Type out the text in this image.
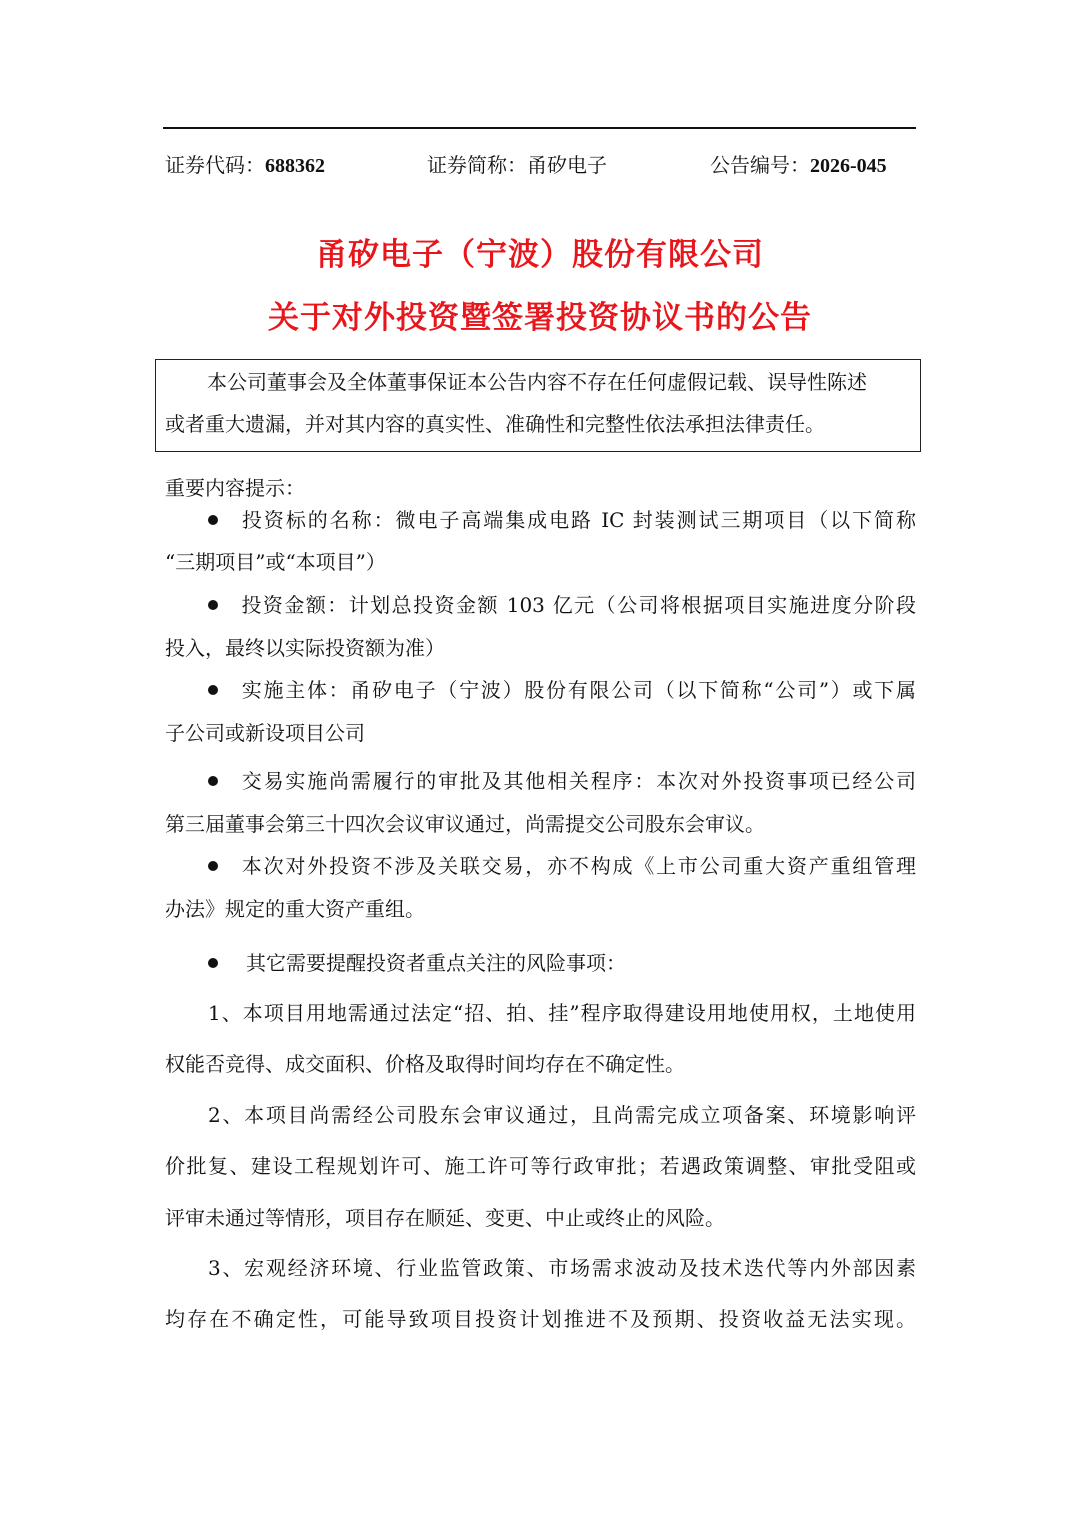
证券代码：688362	证券简称：甬矽电子	公告编号：2026-045
甬矽电子（宁波）股份有限公司
关于对外投资暨签署投资协议书的公告
本公司董事会及全体董事保证本公告内容不存在任何虚假记载、误导性陈述
或者重大遗漏，并对其内容的真实性、准确性和完整性依法承担法律责任。
重要内容提示：
投资标的名称：微电子高端集成电路 IC 封装测试三期项目（以下简称
“三期项目”或“本项目”）
投资金额：计划总投资金额 103 亿元（公司将根据项目实施进度分阶段
投入，最终以实际投资额为准）
实施主体：甬矽电子（宁波）股份有限公司（以下简称“公司”）或下属
子公司或新设项目公司
交易实施尚需履行的审批及其他相关程序：本次对外投资事项已经公司
第三届董事会第三十四次会议审议通过，尚需提交公司股东会审议。
本次对外投资不涉及关联交易，亦不构成《上市公司重大资产重组管理
办法》规定的重大资产重组。
其它需要提醒投资者重点关注的风险事项：
1、本项目用地需通过法定“招、拍、挂”程序取得建设用地使用权，土地使用
权能否竞得、成交面积、价格及取得时间均存在不确定性。
2、本项目尚需经公司股东会审议通过，且尚需完成立项备案、环境影响评
价批复、建设工程规划许可、施工许可等行政审批；若遇政策调整、审批受阻或
评审未通过等情形，项目存在顺延、变更、中止或终止的风险。
3、宏观经济环境、行业监管政策、市场需求波动及技术迭代等内外部因素
均存在不确定性，可能导致项目投资计划推进不及预期、投资收益无法实现。
